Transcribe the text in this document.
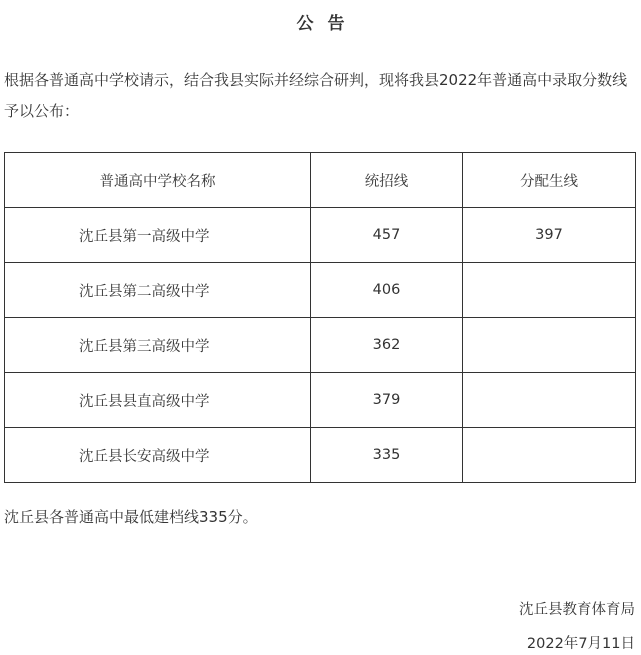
公告
根据各普通高中学校请示，结合我县实际并经综合研判，现将我县2022年普通高中录取分数线予以公布：
普通高中学校名称	统招线	分配生线
沈丘县第一高级中学	457	397
沈丘县第二高级中学	406	
沈丘县第三高级中学	362	
沈丘县县直高级中学	379	
沈丘县长安高级中学	335	
沈丘县各普通高中最低建档线335分。
沈丘县教育体育局
2022年7月11日
